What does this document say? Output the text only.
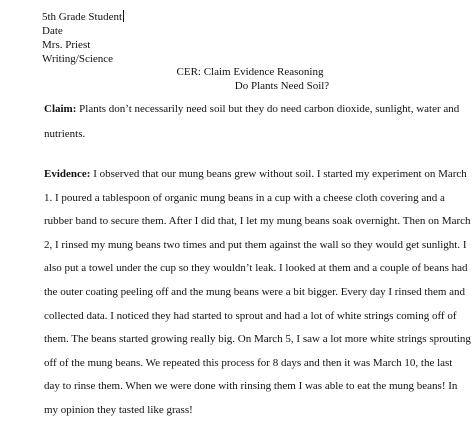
5th Grade Student
Date
Mrs. Priest
Writing/Science
CER: Claim Evidence Reasoning
Do Plants Need Soil?
Claim: Plants don’t necessarily need soil but they do need carbon dioxide, sunlight, water and
nutrients.
Evidence: I observed that our mung beans grew without soil. I started my experiment on March
1. I poured a tablespoon of organic mung beans in a cup with a cheese cloth covering and a
rubber band to secure them. After I did that, I let my mung beans soak overnight. Then on March
2, I rinsed my mung beans two times and put them against the wall so they would get sunlight. I
also put a towel under the cup so they wouldn’t leak. I looked at them and a couple of beans had
the outer coating peeling off and the mung beans were a bit bigger. Every day I rinsed them and
collected data. I noticed they had started to sprout and had a lot of white strings coming off of
them. The beans started growing really big. On March 5, I saw a lot more white strings sprouting
off of the mung beans. We repeated this process for 8 days and then it was March 10, the last
day to rinse them. When we were done with rinsing them I was able to eat the mung beans! In
my opinion they tasted like grass!
